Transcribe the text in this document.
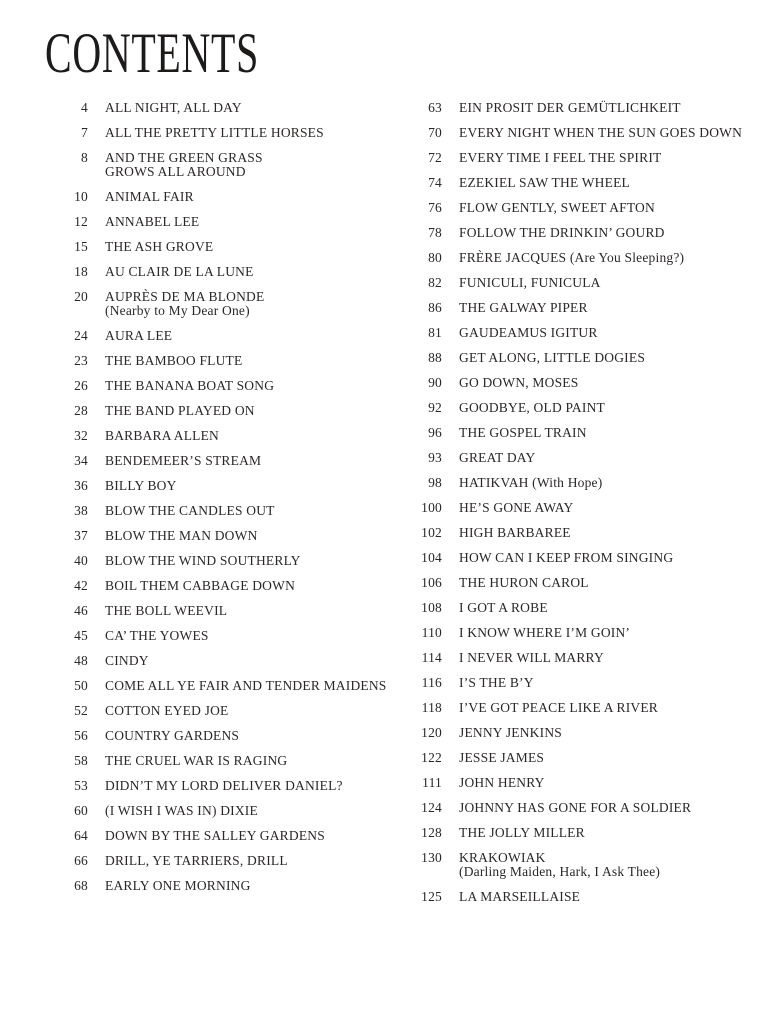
CONTENTS
4 ALL NIGHT, ALL DAY
7 ALL THE PRETTY LITTLE HORSES
8 AND THE GREEN GRASS
GROWS ALL AROUND
10 ANIMAL FAIR
12 ANNABEL LEE
15 THE ASH GROVE
18 AU CLAIR DE LA LUNE
20 AUPRÈS DE MA BLONDE
(Nearby to My Dear One)
24 AURA LEE
23 THE BAMBOO FLUTE
26 THE BANANA BOAT SONG
28 THE BAND PLAYED ON
32 BARBARA ALLEN
34 BENDEMEER’S STREAM
36 BILLY BOY
38 BLOW THE CANDLES OUT
37 BLOW THE MAN DOWN
40 BLOW THE WIND SOUTHERLY
42 BOIL THEM CABBAGE DOWN
46 THE BOLL WEEVIL
45 CA’ THE YOWES
48 CINDY
50 COME ALL YE FAIR AND TENDER MAIDENS
52 COTTON EYED JOE
56 COUNTRY GARDENS
58 THE CRUEL WAR IS RAGING
53 DIDN’T MY LORD DELIVER DANIEL?
60 (I WISH I WAS IN) DIXIE
64 DOWN BY THE SALLEY GARDENS
66 DRILL, YE TARRIERS, DRILL
68 EARLY ONE MORNING
63 EIN PROSIT DER GEMÜTLICHKEIT
70 EVERY NIGHT WHEN THE SUN GOES DOWN
72 EVERY TIME I FEEL THE SPIRIT
74 EZEKIEL SAW THE WHEEL
76 FLOW GENTLY, SWEET AFTON
78 FOLLOW THE DRINKIN’ GOURD
80 FRÈRE JACQUES (Are You Sleeping?)
82 FUNICULI, FUNICULA
86 THE GALWAY PIPER
81 GAUDEAMUS IGITUR
88 GET ALONG, LITTLE DOGIES
90 GO DOWN, MOSES
92 GOODBYE, OLD PAINT
96 THE GOSPEL TRAIN
93 GREAT DAY
98 HATIKVAH (With Hope)
100 HE’S GONE AWAY
102 HIGH BARBAREE
104 HOW CAN I KEEP FROM SINGING
106 THE HURON CAROL
108 I GOT A ROBE
110 I KNOW WHERE I’M GOIN’
114 I NEVER WILL MARRY
116 I’S THE B’Y
118 I’VE GOT PEACE LIKE A RIVER
120 JENNY JENKINS
122 JESSE JAMES
111 JOHN HENRY
124 JOHNNY HAS GONE FOR A SOLDIER
128 THE JOLLY MILLER
130 KRAKOWIAK
(Darling Maiden, Hark, I Ask Thee)
125 LA MARSEILLAISE
